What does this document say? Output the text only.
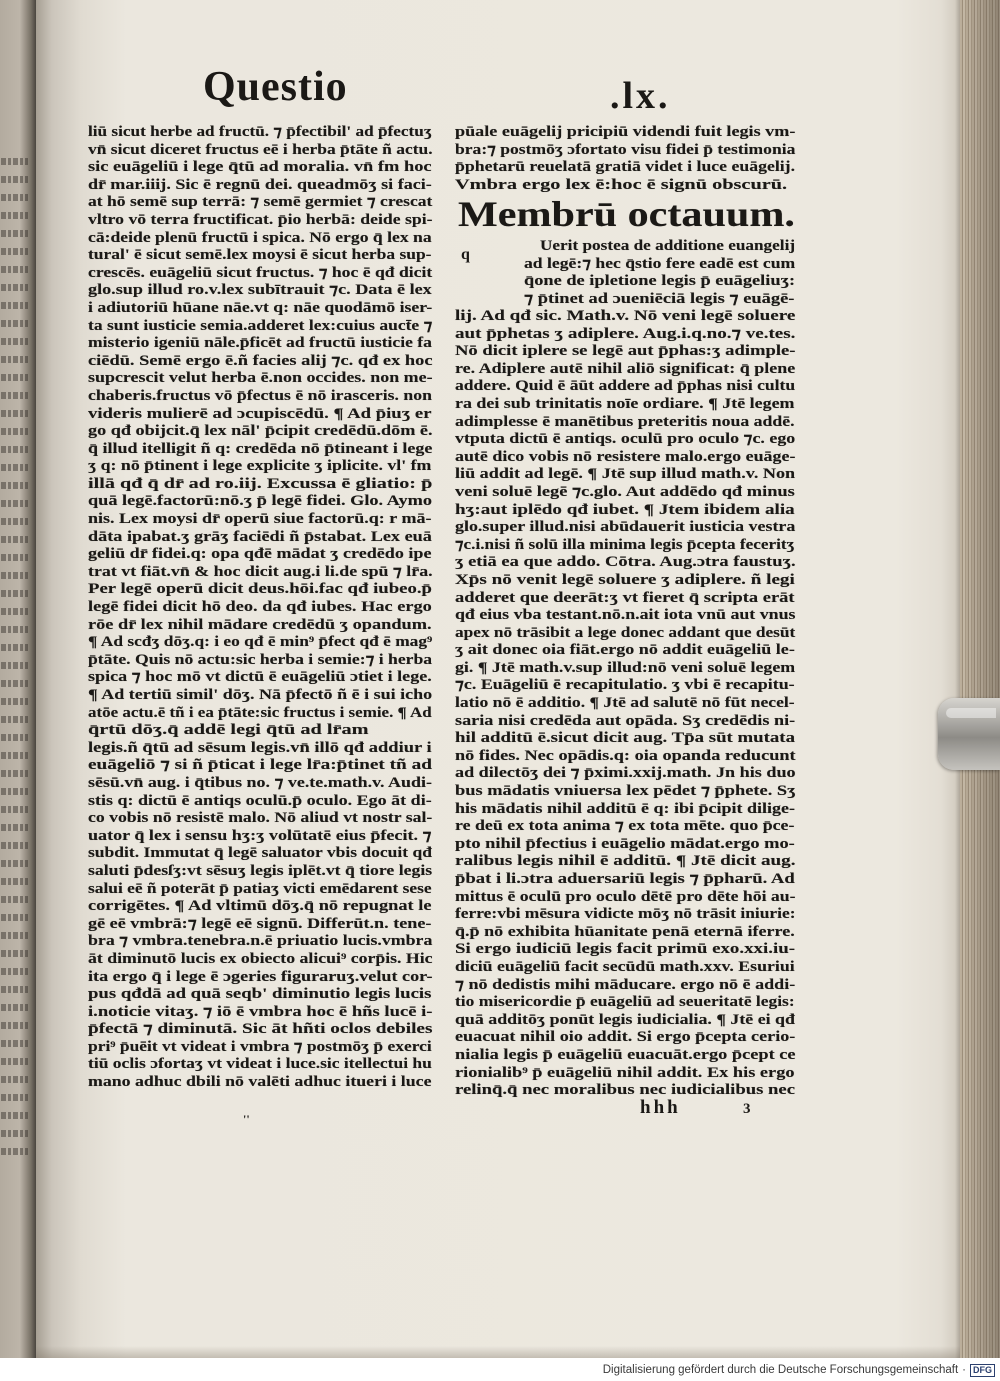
Questio	.lx.
liū sicut herbe ad fructū. ⁊ p̄fectibil' ad p̄fectuʒ
vn̄ sicut diceret fructus eē i herba p̄tāte ñ actu.
sic euāgeliū i lege q̄tū ad moralia. vn̄ fm hoc
dr̄ mar.iiij. Sic ē regnū dei. queadmōʒ si faci-
at hō semē sup terrā: ⁊ semē germiet ⁊ crescat
vltro vō terra fructificat. p̄io herbā: deide spi-
cā:deide plenū fructū i spica. Nō ergo q̄ lex na
tural' ē sicut semē.lex moysi ē sicut herba sup-
crescēs. euāgeliū sicut fructus. ⁊ hoc ē qđ dicit
glo.sup illud ro.v.lex subītrauit ⁊c. Data ē lex
i adiutoriū hūane nāe.vt q: nāe quodāmō iser-
ta sunt iusticie semia.adderet lex:cuius auct̄e ⁊
misterio igeniū nāle.p̄ficēt ad fructū iusticie fa
ciēdū. Semē ergo ē.ñ facies alij ⁊c. qđ ex hoc
supcrescit velut herba ē.non occides. non me-
chaberis.fructus vō p̄fectus ē nō irasceris. non
videris mulierē ad ɔcupiscēdū. ¶ Ad p̄iuʒ er
go qđ obijcit.q̄ lex nāl' p̄cipit credēdū.dōm ē.
q̄ illud itelligit ñ q: credēda nō p̄tineant i lege
ʒ q: nō p̄tinent i lege explicite ʒ iplicite. vl' fm
illā qđ q̄ dr̄ ad ro.iij. Excussa ē gliatio: p̄
quā legē.factorū:nō.ʒ p̄ legē fidei. Glo. Aymo
nis. Lex moysi dr̄ operū siue factorū.q: r mā-
dāta ipabat.ʒ grāʒ faciēdi ñ p̄stabat. Lex euā
geliū dr̄ fidei.q: opa qđē mādat ʒ credēdo ipe
trat vt fiāt.vn̄ & hoc dicit aug.i li.de spū ⁊ lr̄a.
Per legē operū dicit deus.hōi.fac qđ iubeo.p̄
legē fidei dicit hō deo. da qđ iubes. Hac ergo
rōe dr̄ lex nihil mādare credēdū ʒ opandum.
¶ Ad scđʒ dōʒ.q: i eo qđ ē min⁹ p̄fect qđ ē mag⁹
p̄tāte. Quis nō actu:sic herba i semie:⁊ i herba
spica ⁊ hoc mō vt dictū ē euāgeliū ɔtiet i lege.
¶ Ad tertiū simil' dōʒ. Nā p̄fectō ñ ē i sui icho
atōe actu.ē tñ i ea p̄tāte:sic fructus i semie. ¶ Ad
q̄rtū dōʒ.q̄ addē legi q̄tū ad lr̄am
legis.ñ q̄tū ad sēsum legis.vn̄ illō qđ addiur i
euāgeliō ⁊ si ñ p̄ticat i lege lr̄a:p̄tinet tñ ad
sēsū.vn̄ aug. i q̄tibus no. ⁊ ve.te.math.v. Audi-
stis q: dictū ē antiqs oculū.p̄ oculo. Ego āt di-
co vobis nō resistē malo. Nō aliud vt nostr sal-
uator q̄ lex i sensu hʒ:ʒ volūtatē eius p̄fecit. ⁊
subdit. Immutat q̄ legē saluator vbis docuit qđ
saluti p̄desſʒ:vt sēsuʒ legis iplēt.vt q̄ tiore legis
salui eē ñ poterāt p̄ patiaʒ victi emēdarent sese
corrigētes. ¶ Ad vltimū dōʒ.q̄ nō repugnat le
gē eē vmbrā:⁊ legē eē signū. Differūt.n. tene-
bra ⁊ vmbra.tenebra.n.ē priuatio lucis.vmbra
āt diminutō lucis ex obiecto alicui⁹ corp̄is. Hic
ita ergo q̄ i lege ē ɔgeries figuraruʒ.velut cor-
pus qđdā ad quā seqb' diminutio legis lucis
i.noticie vitaʒ. ⁊ iō ē vmbra hoc ē hñs lucē i-
p̄fectā ⁊ diminutā. Sic āt hñti oclos debiles
pri⁹ p̄uēit vt videat i vmbra ⁊ postmōʒ p̄ exerci
tiū oclis ɔfortaʒ vt videat i luce.sic itellectui hu
mano adhuc dbili nō valēti adhuc itueri i luce
pūale euāgelij pricipiū videndi fuit legis vm-
bra:⁊ postmōʒ ɔfortato visu fidei p̄ testimonia
p̄phetarū reuelatā gratiā videt i luce euāgelij.
Vmbra ergo lex ē:hoc ē signū obscurū.
Membrū octauum.
q	Uerit postea de additione euangelij
ad legē:⁊ hec q̄stio fere eadē est cum
q̄one de ipletione legis p̄ euāgeliuʒ:
⁊ p̄tinet ad ɔueniēciā legis ⁊ euāgē-
lij. Ad qđ sic. Math.v. Nō veni legē soluere
aut p̄phetas ʒ adiplere. Aug.i.q.no.⁊ ve.tes.
Nō dicit iplere se legē aut p̄phas:ʒ adimple-
re. Adiplere autē nihil aliō significat: q̄ plene
addere. Quid ē āūt addere ad p̄phas nisi cultu
ra dei sub trinitatis noīe ordiare. ¶ Jtē legem
adimplesse ē manētibus preteritis noua addē.
vtputa dictū ē antiqs. oculū pro oculo ⁊c. ego
autē dico vobis nō resistere malo.ergo euāge-
liū addit ad legē. ¶ Jtē sup illud math.v. Non
veni soluē legē ⁊c.glo. Aut addēdo qđ minus
hʒ:aut iplēdo qđ iubet. ¶ Jtem ibidem alia
glo.super illud.nisi abūdauerit iusticia vestra
⁊c.i.nisi ñ solū illa minima legis p̄cepta feceritʒ
ʒ etiā ea que addo. Cōtra. Aug.ɔtra faustuʒ.
Xp̄s nō venit legē soluere ʒ adiplere. ñ legi
adderet que deerāt:ʒ vt fieret q̄ scripta erāt
qđ eius vba testant.nō.n.ait iota vnū aut vnus
apex nō trāsibit a lege donec addant que desūt
ʒ ait donec oia fiāt.ergo nō addit euāgeliū le-
gi. ¶ Jtē math.v.sup illud:nō veni soluē legem
⁊c. Euāgeliū ē recapitulatio. ʒ vbi ē recapitu-
latio nō ē additio. ¶ Jtē ad salutē nō fūt necel-
saria nisi credēda aut opāda. Sʒ credēdis ni-
hil additū ē.sicut dicit aug. Tp̄a sūt mutata
nō fides. Nec opādis.q: oia opanda reducunt
ad dilectōʒ dei ⁊ p̄ximi.xxij.math. Jn his duo
bus mādatis vniuersa lex pēdet ⁊ p̄phete. Sʒ
his mādatis nihil additū ē q: ibi p̄cipit dilige-
re deū ex tota anima ⁊ ex tota mēte. quo p̄ce-
pto nihil p̄fectius i euāgelio mādat.ergo mo-
ralibus legis nihil ē additū. ¶ Jtē dicit aug.
p̄bat i li.ɔtra aduersariū legis ⁊ p̄pharū. Ad
mittus ē oculū pro oculo dētē pro dēte hōi au-
ferre:vbi mēsura vidicte mōʒ nō trāsit iniurie:
q̄.p̄ nō exhibita hūanitate penā eternā iferre.
Si ergo iudiciū legis facit primū exo.xxi.iu-
diciū euāgeliū facit secūdū math.xxv. Esuriui
⁊ nō dedistis mihi māducare. ergo nō ē addi-
tio misericordie p̄ euāgeliū ad seueritatē legis:
quā additōʒ ponūt legis iudicialia. ¶ Jtē ei qđ
euacuat nihil oio addit. Si ergo p̄cepta cerio-
nialia legis p̄ euāgeliū euacuāt.ergo p̄cept ce
rionialib⁹ p̄ euāgeliū nihil addit. Ex his ergo
relinq̄.q̄ nec moralibus nec iudicialibus nec
''
hhh	3
Digitalisierung gefördert durch die Deutsche Forschungsgemeinschaft · DFG
